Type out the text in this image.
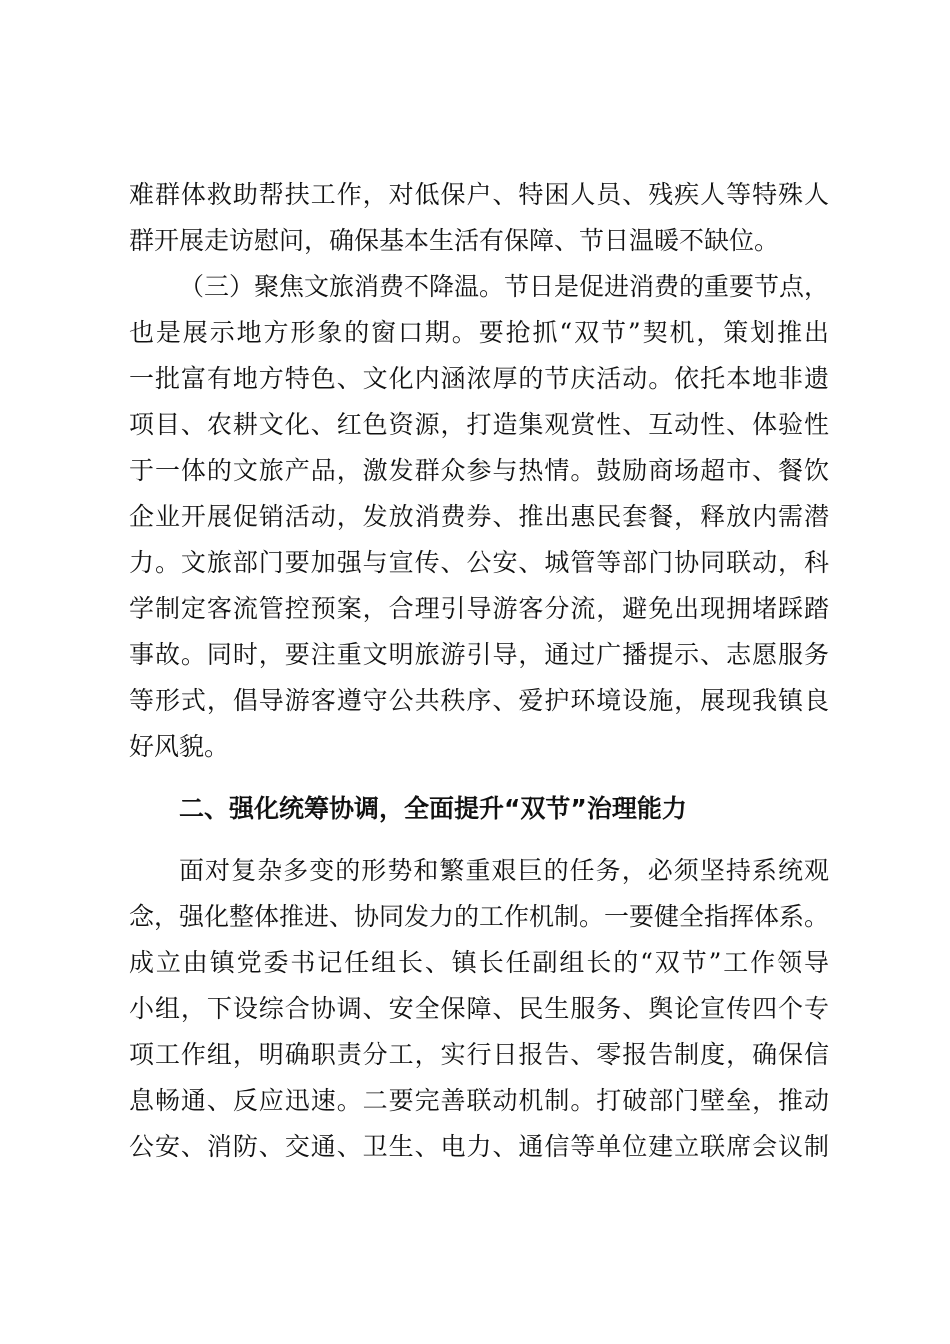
难群体救助帮扶工作，对低保户、特困人员、残疾人等特殊人
群开展走访慰问，确保基本生活有保障、节日温暖不缺位。
（三）聚焦文旅消费不降温。节日是促进消费的重要节点，
也是展示地方形象的窗口期。要抢抓“双节”契机，策划推出
一批富有地方特色、文化内涵浓厚的节庆活动。依托本地非遗
项目、农耕文化、红色资源，打造集观赏性、互动性、体验性
于一体的文旅产品，激发群众参与热情。鼓励商场超市、餐饮
企业开展促销活动，发放消费券、推出惠民套餐，释放内需潜
力。文旅部门要加强与宣传、公安、城管等部门协同联动，科
学制定客流管控预案，合理引导游客分流，避免出现拥堵踩踏
事故。同时，要注重文明旅游引导，通过广播提示、志愿服务
等形式，倡导游客遵守公共秩序、爱护环境设施，展现我镇良
好风貌。
二、强化统筹协调，全面提升“双节”治理能力
面对复杂多变的形势和繁重艰巨的任务，必须坚持系统观
念，强化整体推进、协同发力的工作机制。一要健全指挥体系。
成立由镇党委书记任组长、镇长任副组长的“双节”工作领导
小组，下设综合协调、安全保障、民生服务、舆论宣传四个专
项工作组，明确职责分工，实行日报告、零报告制度，确保信
息畅通、反应迅速。二要完善联动机制。打破部门壁垒，推动
公安、消防、交通、卫生、电力、通信等单位建立联席会议制
